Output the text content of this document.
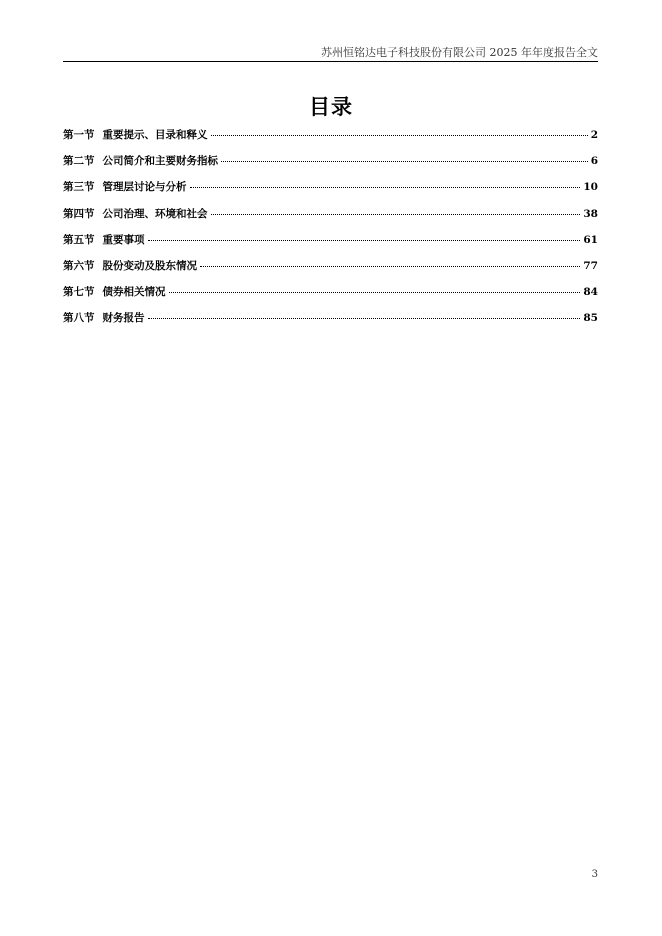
苏州恒铭达电子科技股份有限公司 2025 年年度报告全文
目录
第一节 重要提示、目录和释义	2
第二节 公司简介和主要财务指标	6
第三节 管理层讨论与分析	10
第四节 公司治理、环境和社会	38
第五节 重要事项	61
第六节 股份变动及股东情况	77
第七节 债券相关情况	84
第八节 财务报告	85
3
